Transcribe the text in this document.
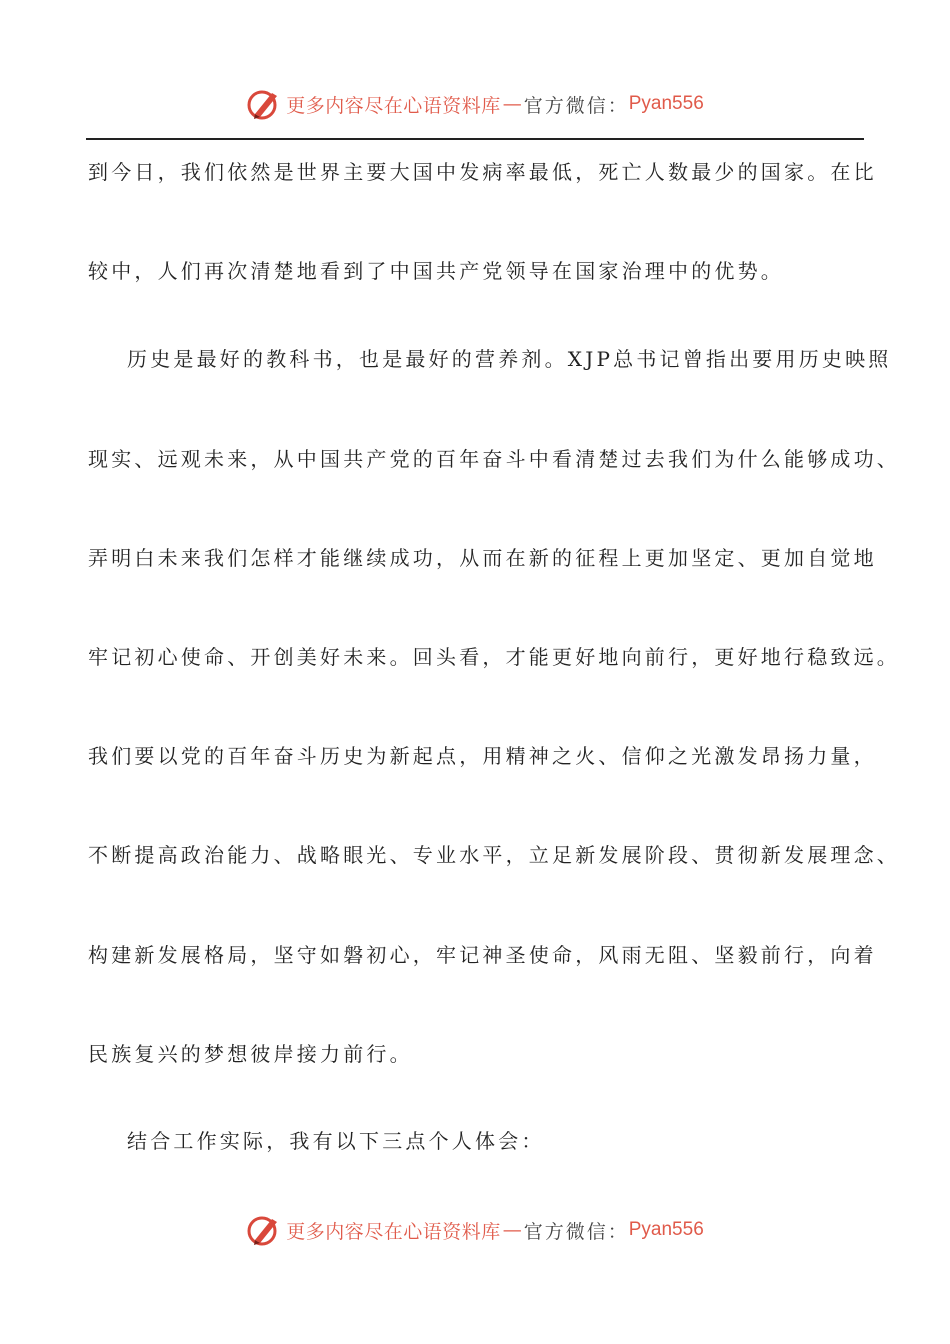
更多内容尽在心语资料库 — 官方微信： Pyan556
到今日，我们依然是世界主要大国中发病率最低，死亡人数最少的国家。在比
较中，人们再次清楚地看到了中国共产党领导在国家治理中的优势。
历史是最好的教科书，也是最好的营养剂。XJP总书记曾指出要用历史映照
现实、远观未来，从中国共产党的百年奋斗中看清楚过去我们为什么能够成功、
弄明白未来我们怎样才能继续成功，从而在新的征程上更加坚定、更加自觉地
牢记初心使命、开创美好未来。回头看，才能更好地向前行，更好地行稳致远。
我们要以党的百年奋斗历史为新起点，用精神之火、信仰之光激发昂扬力量，
不断提高政治能力、战略眼光、专业水平，立足新发展阶段、贯彻新发展理念、
构建新发展格局，坚守如磐初心，牢记神圣使命，风雨无阻、坚毅前行，向着
民族复兴的梦想彼岸接力前行。
结合工作实际，我有以下三点个人体会：
更多内容尽在心语资料库 — 官方微信： Pyan556
